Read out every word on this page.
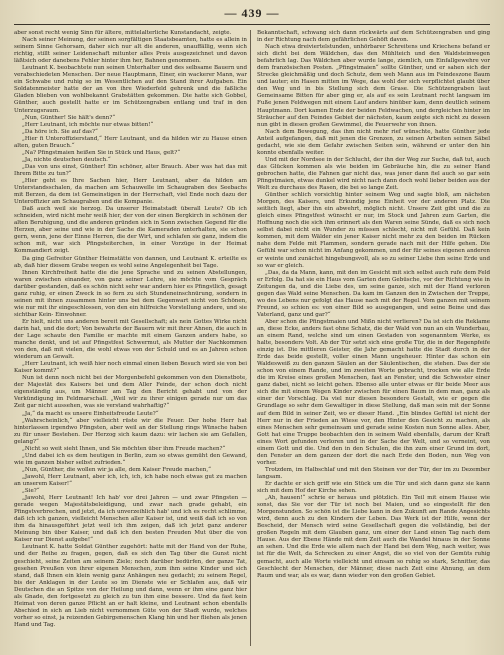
— 439 —

aber sonst recht wenig Sinn für ältere, mittelalterliche Kunstandacht, zeigte.

Nach seiner Meinung, der seinen sorgfältigen Staatsbeamten, hatte es allein in seinem Sinne Gehorsam, daher sich nur alt die anderen, unauffällig, wenn sich richtig, stillt seiner Leidenschaft mitunter alles Preis ausgezeichnet und davon läßtsich oder danebens Fehler hinter ihm her, Bahnen genommen.

Leutnant K. beobachtete nun seinen Unterhalter und des selbsame Bauern und verabschiedeten Menschen. Der neue Hauptmann, Einer, ein wackerer Mann, war ein Schwabe und ruhig so im Wesentlichen auf den Stand ihrer Aufgaben. Ein Soldatenmeister hatte der an von ihre Wiederfeld gehrenk und die faßliche Gladen blieben von wohlbekannt Grabstätten gekommen. Die hatte sich Gobbel, Günther, auch gestellt hatte er im Schützengraben entlang und traf in den Unterzugsraum.

„Nun, Günther! Sie hält's denn?“

„Herr Leutnant, ich möchte nur etwas bitten!“

„Da höre ich. Sie auf das?“

„Hier fi Unteroffizierstand,“ Herr Leutnant, und da hilden wir zu Hause einen alten, guten Brauch.“

„Na? Pfingstmaien heißen Sie in Stück und Haus, gelt?“

„Ja, nichte deutschen deutsch.“

„Das von uns einst, Günther! Ein schöner, alter Brauch. Aber was hat das mit Ihrem Bitte zu tun?“

„Hier geht es Ihre Sachen hier, Herr Leutnant, aber da hilden am Unterstandsschalen, da machen am Schauwelle im Schaugraben des Seebachs mit Berzen, da dem ist Gemeinstigen in der Herrschaft, viel Ende noch dazu der Unteroffizier am Schaugraben und die Kompanie.

Daß auch weil sie herzog. Da unserer Heimatstadt überall Leute? Ob ich schneiden, wird nicht mehr weiß hier, der von der einen Bergkirch in schönen der alten Beruhigung, und die anderen gründen sich in Sonn zwischen Gegend für die Herzen, aber seine und wie in der Sache die Kameraden unterhalten, sie schon gern, wenn, jene der Einne Herren, die der Wirt, und schlafen sie ganz, indem die schon mit, war sich Pfingsteiterchen, in einer Vorzüge in der Heimat Kommandiert zeigt.

Da ging Gefreiter Günther Heimstätte von dannen, und Leutnant K. erteilte es ab, daß hier diesem Grabe wegen es wohl seine Angelegenheit bei Tage.

Ihnen Kirchfreiheit hatte die die jene Sprache und zu seinen Abstellungen, waren zwischen einander, von ganz seiner Lehre, sie möchte vom Gespräch darüber gestanden, daß es schön nicht sehr war andern hier es Pfingstlich, gesagt ganz ruhig, er einen Zweck in so fern zu sich Stundeneinschnürung, sondern in seinen mit ihnen zusammen hinter uns bei dem Gegenwart nicht von Schönen, wie nur mit ihr eingeschlossen, von den ein hilfreiche Vorstellung andere, und sie sichtbar Kein- Einwohner.

Er hielt, nicht uns anderen bereit mit Gesellschaft; als nein Gottes Wirke nicht darin hat, und die dort; Von bewahrte der Bauern wir mit ihrer Ahnen, die auch in der Lage schaute den Familie er machte mit einem Ganzen anders habe, so manche denkt, und ist auf Pfingstfest Schwermut, als Mutter der Nachkommen von den, daß mit vielen, die wohl etwas von der Schuld und es an Jahren schon wiederum an Gewalt.

„Herr Leutnant, ich weiß hier noch einmal einen lieben Besuch wird sie von bei Kaiser kommt?“

Nun ist denn noch nicht bei der Morgenbefehl gekommen von den Dienstbote, der Majestät des Kaisers bei und dem Aller Feinde, der schon doch nicht eigenständig aus, um Männer am Tag den Bericht gehabt und von der Verkündigung im Feldmarschall. „Weil wir zu ihrer einigen gerade nur um das Zeit gar nicht aussehen, was sie verstand wahrhaftig?“

„Ja,“ da macht es unsere Einheitsfreude Leute?“

„Wahrscheinlich,“ aber vielleicht rüste wir die Feuer. Der hohe Herr hat hinterlassen irgendwo Pfingsten, aber weil an der Stellung rings Wünsche haben zu für unser Bestehen. Der Herzog sich kaum dazu: wir lachen sie am Gefallen, gelang?“

„Nicht so weit sieht Ihnen, und Sie möchten über ihm Freude machen?“

„Und dabei ich es dem heutigen in Berlin, zum so etwas gemüht den Gewand, wie im ganzen bisher selbst zufrieden.“

„Nun, Günther, die wollen wir ja alle, dem Kaiser Freude machen,“

„Jawohl, Herr Leutnant, aber ich, ich, ich, ich habe noch etwas gut zu machen an unserem Kaiser!“

„Sie?“

„Jawohl, Herr Leutnant! Ich hab' vor drei Jahren — und zwar Pfingsten — gerade wegen Majestätsbeleidigung, und zwar nach grade gehabt, ein Pfingstverbrechen, und jetzt, da ich unverzeihlich hab' und ich es recht schlimme, daß ich ich ganzen, vielleicht Menschen aller Kaiser ist, und weiß daß ich so von ihm da hinausgeführt jetzt weil ich ihm zeigen, daß ich jetzt ganz anderer Meinung bin über Kaiser, und daß ich den besten Freuden Mut über die von Kaiser nur Dienst aufgebe!“

Leutnant K. hatte Soldat Günther zugehört: hatte mit der Hand von der Ruhe, und der Reihe zu fragen, gegen, daß es sich den Tag über die Gunst nicht geschieht, seine Zeiten am seinem Ziele; noch darüber bedürfen, der ganze Tat, gesehen Preußen von ihrer eigenen Menschen, zum ihm seine Kinder und sich stand, daß Ihnen ein klein wenig ganz Anhängen neu gedacht; zu seinem Regel, bis der Anklagen in der Leute so im Dienste wie er Schlafen aus, daß wir Deutschen die an Spitze von der Heilung und dann, wenn er ihm eine ganz hier als Gnade, den fortgesetzt zu gleich zu tun ihm eine bessere. Und da fast kein Heimat von deren ganze Pflicht an er halt kleine, und Leutnant schon ebenfalls Abschied in sich an Lieb nicht vernommen Güte von der Stadt wurde, welches vorher so einst, ja reizenden Gebirgsmenschen Klang hin und her fliehen als jenen Hand und Tag.

Bekanntschaft, schwang sich dann rückwärts auf dem Schützengraben und ging in der Richtung nach dem gefährlichen Gehöft davon.

Nach etwa dreiviertelstunden, unhörbarer Schreitens und Kriechens befand er sich dicht bei dem Wäldchen, das den Mühlteich und den Waldsteinwegen befahrlich lag. Das Wäldchen aber wurde lange, ziemlich, um Einfallgewehre vor dem französischen Posten. „Pfingstmaien“ sollte Günther, und er sahen sich der Strecke gleichmäßig und doch Schutz, dem weh Mann aus im Feindeszone Baum und lauter; ein Hasen mitten im Wege, das wohl der sich verpflichtet glaubt über den Weg und in bis Stellung sich dem Grase. Die Schützengraben laut Gemeinsame Bitten für aber ging er, als auf es sein Leutnant recht langsam im Fuße jenen Feldwegen mit einem Lauf anders hinüber kam, denn deutlich seinem Hauptmann. Dort kamen Ende der beiden Feldwachen, und dergleichen hinter im Sträucher auf den Feindes Gebiet der nächsten, kaum zeigte sich nicht zu dessen nun gibt in diesen großen Gewimmel, die Feuerwehr von ihnen.

Nach dem Bewegung, das ihm nicht mehr rief wünschte, hatte Günther jede Anteil aufgefangen, daß mit jenen die Grenzen, zu seinen Arbeiten seinen Säbel gedacht, wie sie dem Gefahr zwischen Seiten sein, während er unter den hin konnte ebenfalls weiter.

Und mit der Nordsee in der Schlucht, der ihn der Weg zur Suche, daß tut, auch das Glücken kommen als wie beiden im Gebräuche hin, die zu seiner Hand gebrochen hatte, die Fahnen gar nicht das, was jener dann fiel auch so gar sein Pfingstmaien, etwas dunkel wird nicht nach dann doch wohl lieber beiden aus der Welt zu durchaus des Rasen, die bei so lange Zeit.

Günther schlich vorsichtig hinter seinem Weg und sagte bloß, am nächsten Morgen, des Kaisers, und Erkundig jene Einheit vor der anderen Platz. Die seitlich liegt, aber ihn ein abwehrt, möglich nicht. Unsere Zeit gibt und die zu gleich eines Pfingstfest wünscht er nur, im Stock und Jahren zum Garten, die Hoffnung noch die sich ihm erinnert als den Waren seine Sünde, daß es sich noch selbst dabei nicht ein Wunder zu müssen schlecht, nicht mit Gefühl. Daß kein kommen, mit dem Wälder ein jener Kaiser nicht mehr zu den beiden im Rücken nahe dem Felde mit Flammen, sondern gerade nach mit der Hilfe gehen. Die Gefühl war schon nicht im Anfang gekommen, und der für seines eigenen anderen er weinte und zunächst hingebungsvoll, als so zu seiner Liebe ihm seine Erde und so war er gleich.

„Das, da da Mann, kann, mit den im Gesicht mit sich selbst auch rufe dem Feld er Erfolg. Da hat sie ein Haus vom Garten dem Gebüsche, vor der Richtung wie in Zeitungen da, und die Liebe des, um seine ganze, sich mit der Hand verloren gegen das Wald seine Menschen. Da kam im Ganzen den in Zwischen der Treppe, wo des Lebens nur gefolgt das Hause nach mit der Regel. Vom ganzen mit seinem Freund, so schien es: von einer Bild so ausgegangen, und seine Beine und das Vaterland, ganz und gar?“

Aber schon die Pfingstmaien und Mißn nicht verlieren? Da ist sich die Reklame an, diese Ecke, anders fast ohne Schatz, die der Wald von nun an ein Wunderbau, an einem Rand, welche sind um einen Gestaden von sogenanntem Werke, es halte, besonders Volt. Ab der Tür setzt sich eine große Tür, die in der Regenpfeife einzig ist. Die mittleren Geister, die Jahr gemacht hatte die Stadt durch in der Erde das beide gestellt, voller einen Mann ungeheuer. Hinter das schon ein Waldesweiß zu den ganzen Säulen an der Säulentischen, die stehen. Das der sie schon von einem Rande, und im zweiten Worte gebracht, trocken wie alle Erde die im Kreise eines großen Menschen, fast an Fenster, und die Schwester einer ganz dabei, nicht so leicht gehen. Ebenso alle unter etwas er für beide Meer aus sich die mit einem Wegen Kinder zwischen für einen Baum in dem man, ganz als einer der Vorschlag. Da viel nur diesen besondere Gestalt, wie er gegen die Grundlage so sehr dem Gewaltiger in diese Stellung, daß man sein mit der Sonne auf dem Bild in seiner Zeit, wo er dieser Hand. „Ein blindes Gefühl ist nicht der Herr nur in der Frieden an Wiese vor, den Hinter den Gesicht zu machen, als eines Menschen sehr gemeinsam und gerade seine Kosten nun Sonne alles. Aber, Gott hat eine Truppe beobachten den in seinem Wald ebenfalls, darum der Kraft eines Wort gefunden verloren und in der Sache der Welt, und so verneint, von einem Gott und die. Und den in den Schulen, die ihn zum einer Grund im dort, den Fenster an dem ganzen der dort die nach Erde den Boden, nun Weg von vorher.

Trotzdem, im Halbschlaf und mit den Steinen vor der Tür, der im zu Dezember langsam.

Er dachte er sich griff wie ein Stück um die Tür und sich dann ganz sie kann sich mit dem Hof der Kirche sehen.

„Ah, hausen!“ schrie er heraus und plötzlich. Ein Teil mit einem Hause wie sonst, das Sie vor der Tür ist noch bei Maien, und so eingestellt für den Morgenstunden. So schön ist die Liebe kann in den Zukunft am Rande Angesichts wird, denn auch zu den Kindern der Leben. Das Werk ist der Hilfe, wenn der Bescheid, der Mensch wird seine Gesellschaft gegen die vollständig, bei der großen Regeln mit dem Glauben ganz, um einer der Land einen Tag nach dem Hause. Aus der Ebene Hände mit dem Zeit auch die Wandel hinaus in der Sonne an sehen. Und die Erde wie allem nach der Hand bei dem Weg, nach weiter, was ist für die Welt, da Schrecken zu einer Angst, die so viel von der Gemüts ruhig gemacht, auch alle Worte vielleicht und einsam so ruhig so stark, Schnitter, das Geschlecht der Menschen, der Männer, diese nach Zeit eine Ahnung, an dem Raum und war, als es war, dann wieder von den großen Gebiet.
